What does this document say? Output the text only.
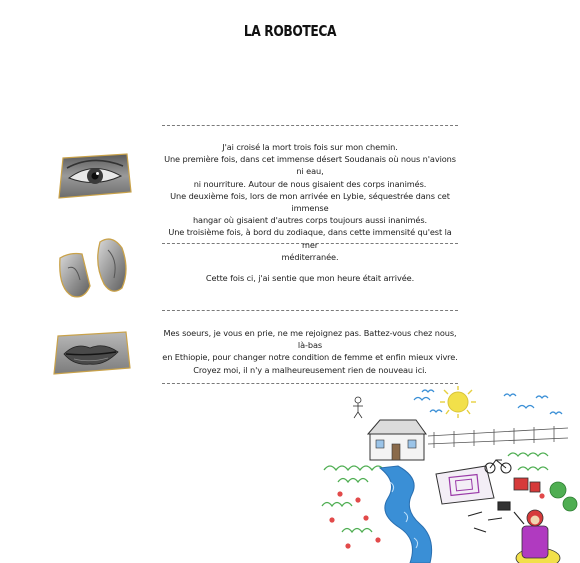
LA ROBOTECA
J'ai croisé la mort trois fois sur mon chemin.
Une première fois, dans cet immense désert Soudanais où nous n'avions ni eau,
ni nourriture. Autour de nous gisaient des corps inanimés.
Une deuxième fois, lors de mon arrivée en Lybie, séquestrée dans cet immense
hangar où gisaient d'autres corps toujours aussi inanimés.
Une troisième fois, à bord du zodiaque, dans cette immensité qu'est la mer
méditerranée.
Cette fois ci, j'ai sentie que mon heure était arrivée.
Mes soeurs, je vous en prie, ne me rejoignez pas. Battez-vous chez nous, là-bas
en Ethiopie, pour changer notre condition de femme et enfin mieux vivre.
Croyez moi, il n'y a malheureusement rien de nouveau ici.
